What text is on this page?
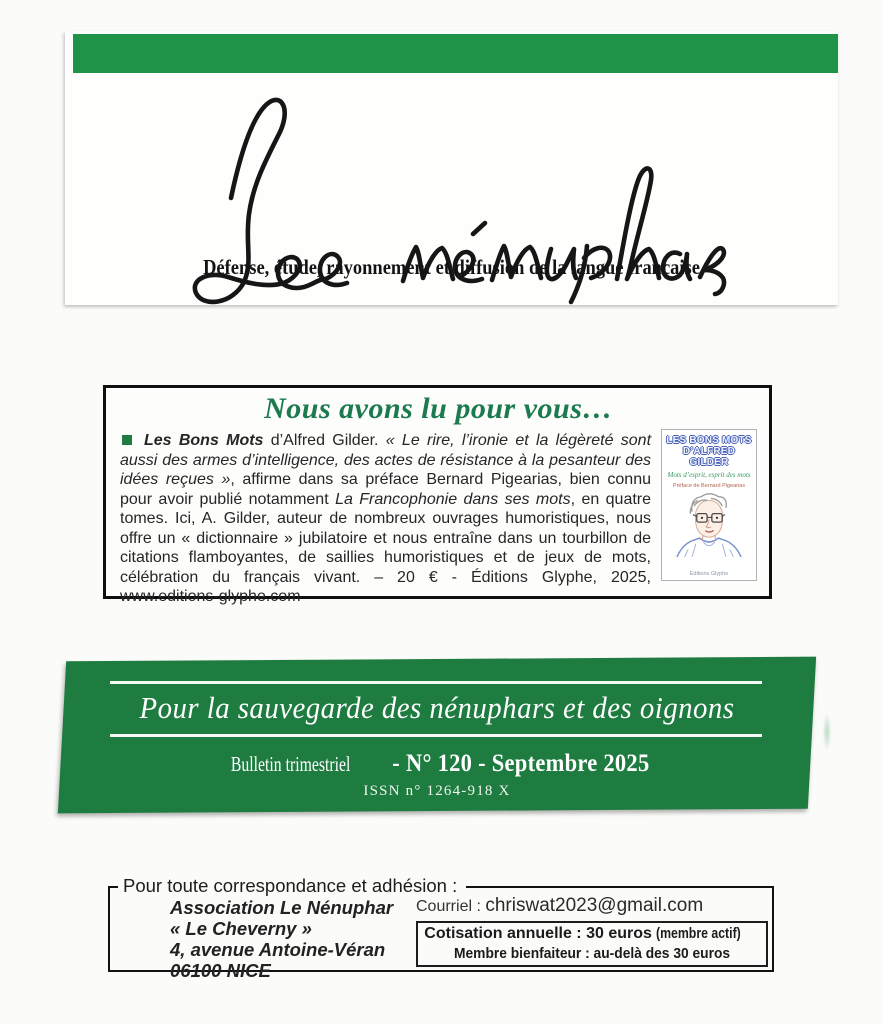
Défense, étude, rayonnement et diffusion de la langue française
Nous avons lu pour vous…
LES BONS MOTS
D’ALFRED GILDER
Mots d’esprit, esprit des mots
Préface de Bernard Pigearias
Éditions Glyphe

Les Bons Mots d’Alfred Gilder. « Le rire, l’ironie et la légèreté sont aussi des armes d’intelligence, des actes de résistance à la pesanteur des idées reçues », affirme dans sa préface Bernard Pigearias, bien connu pour avoir publié notamment La Francophonie dans ses mots, en quatre tomes. Ici, A. Gilder, auteur de nombreux ouvrages humoristiques, nous offre un « dictionnaire » jubilatoire et nous entraîne dans un tourbillon de citations flamboyantes, de saillies humoristiques et de jeux de mots, célébration du français vivant. – 20 € - Éditions Glyphe, 2025, www.editions-glyphe.com

Pour la sauvegarde des nénuphars et des oignons
Bulletin trimestriel - N° 120 - Septembre 2025
ISSN n° 1264-918 X
Pour toute correspondance et adhésion :
Association Le Nénuphar
« Le Cheverny »
4, avenue Antoine-Véran
06100 NICE
Courriel : chriswat2023@gmail.com
Cotisation annuelle : 30 euros (membre actif)
Membre bienfaiteur : au-delà des 30 euros
